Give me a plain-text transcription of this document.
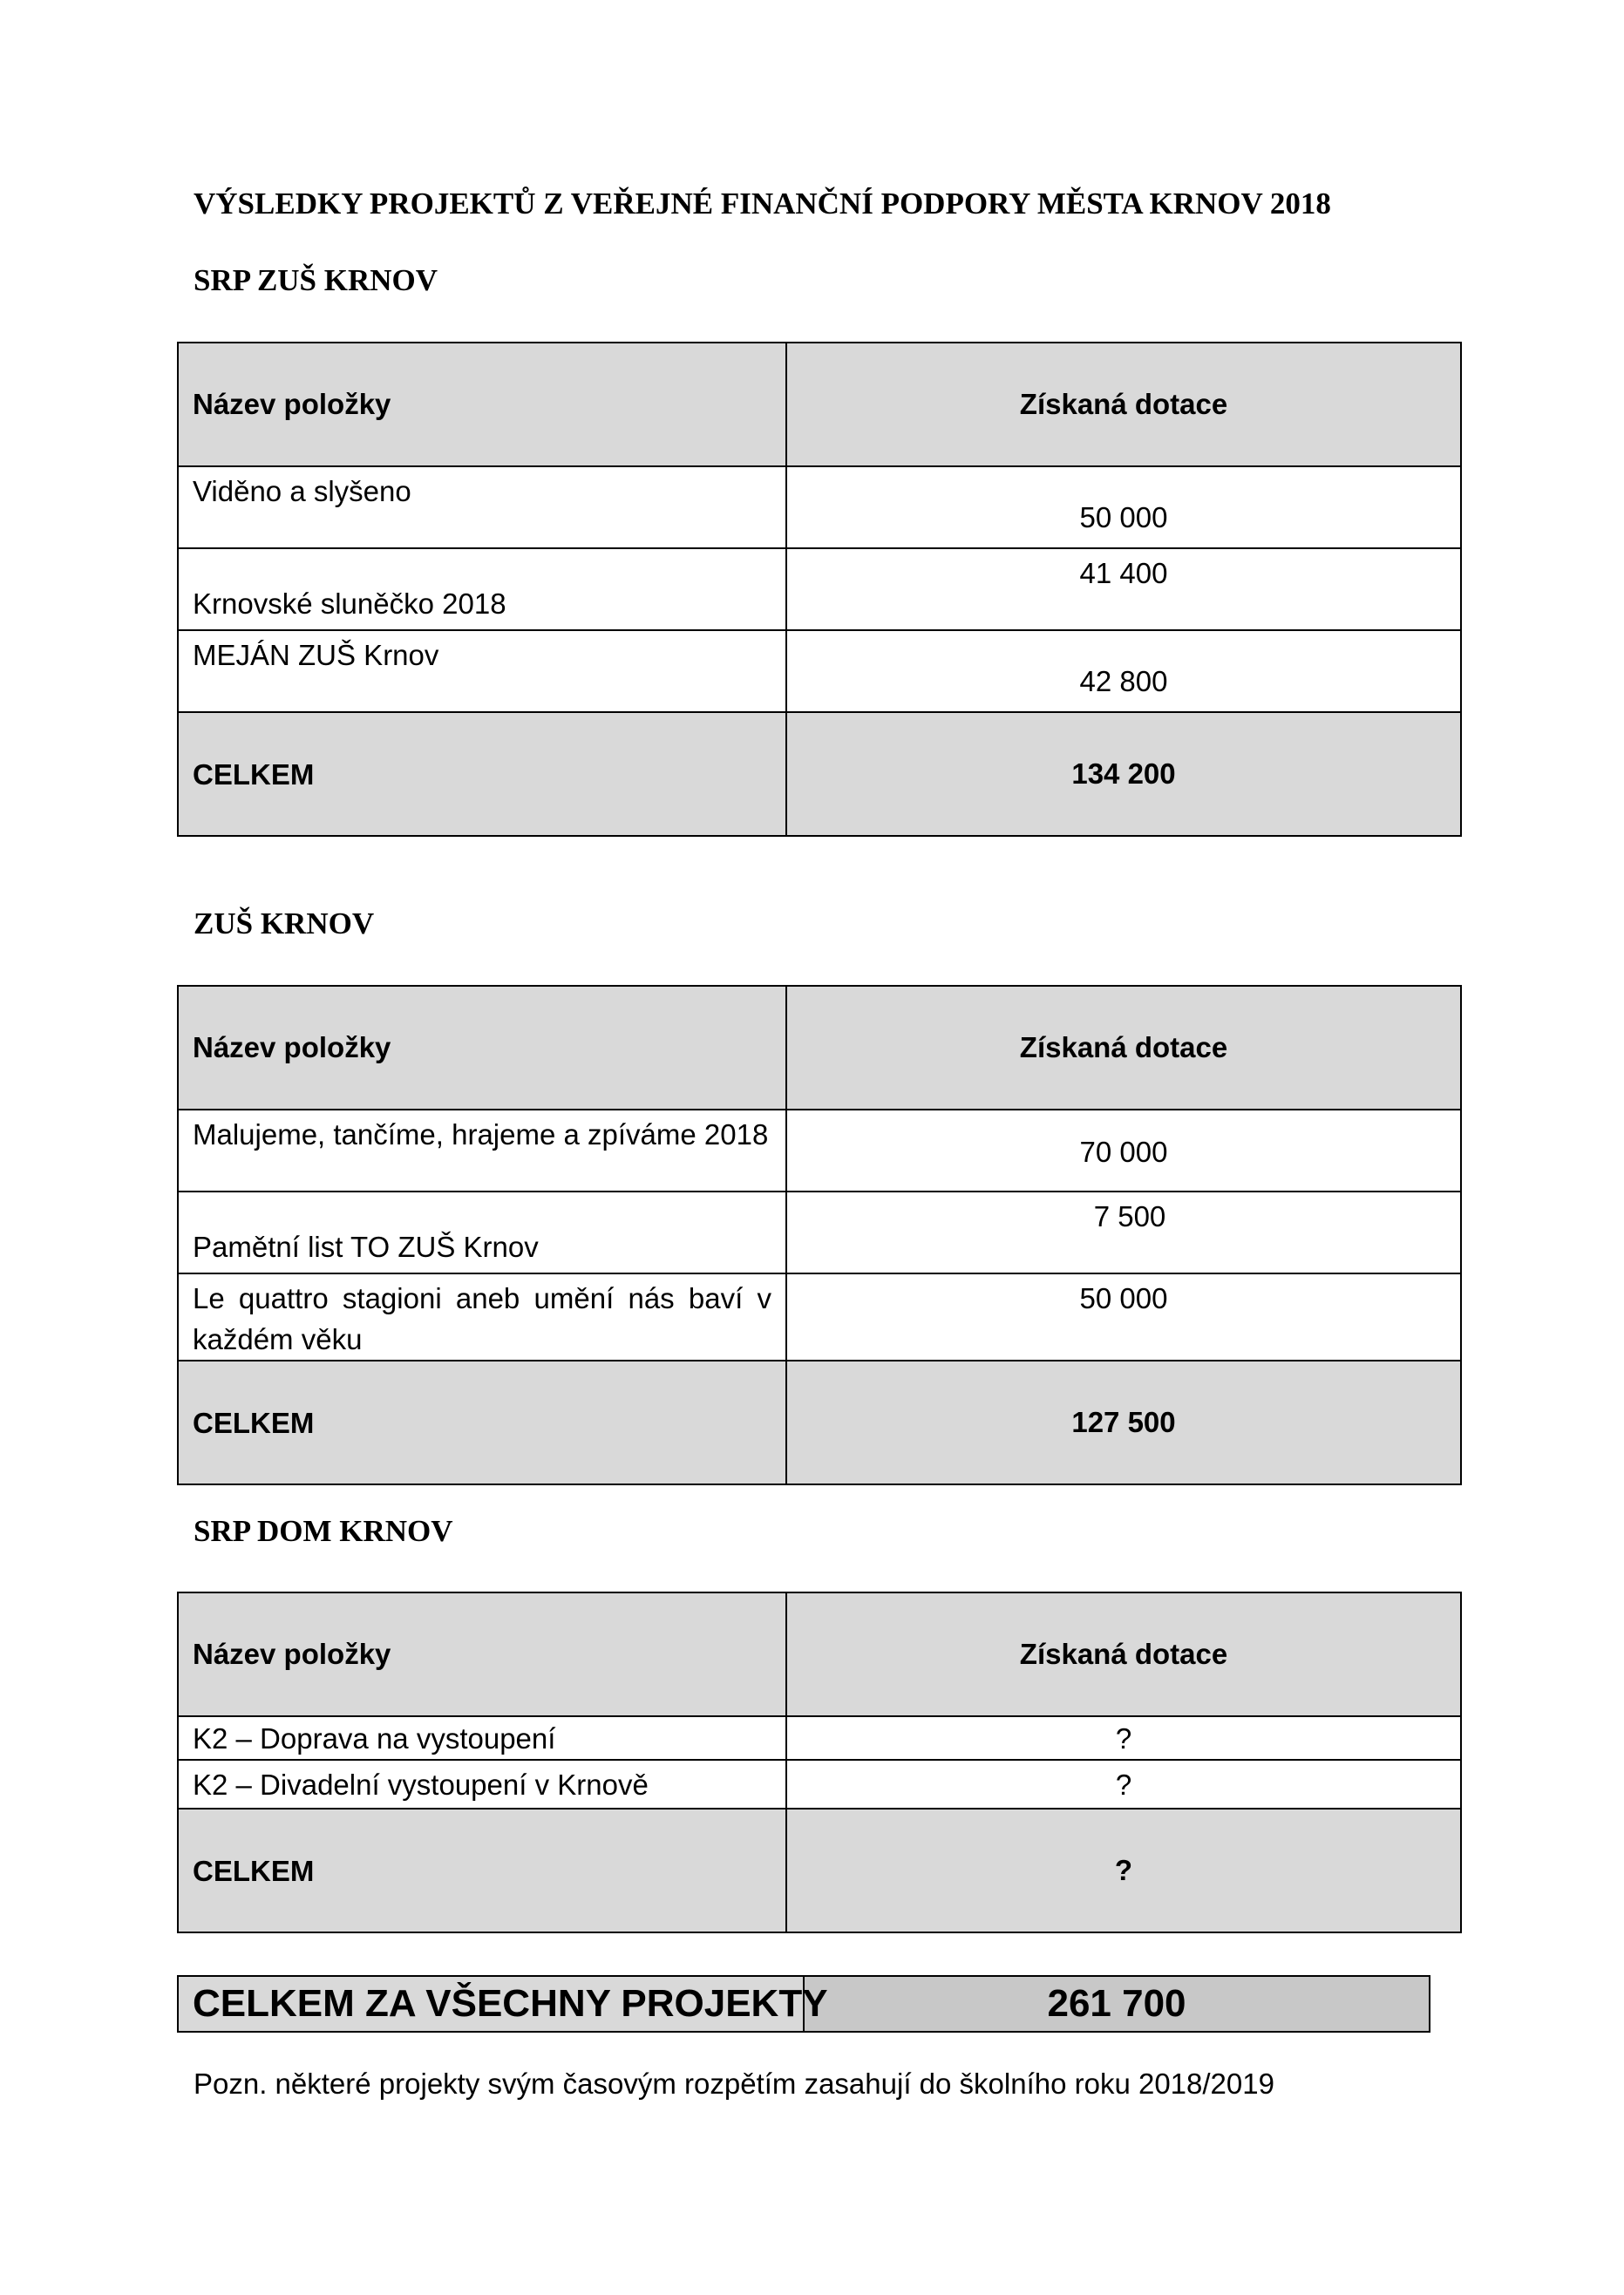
VÝSLEDKY PROJEKTŮ Z VEŘEJNÉ FINANČNÍ PODPORY MĚSTA KRNOV 2018
SRP ZUŠ KRNOV
Název položky	Získaná dotace
Viděno a slyšeno	50 000
Krnovské sluněčko 2018	41 400
MEJÁN ZUŠ Krnov	42 800
CELKEM	134 200
ZUŠ KRNOV
Název položky	Získaná dotace
Malujeme, tančíme, hrajeme a zpíváme 2018	70 000
Pamětní list TO ZUŠ Krnov	7 500
Le quattro stagioni aneb umění nás baví v každém věku	50 000
CELKEM	127 500
SRP DOM KRNOV
Název položky	Získaná dotace
K2 – Doprava na vystoupení	?
K2 – Divadelní vystoupení v Krnově	?
CELKEM	?
CELKEM ZA VŠECHNY PROJEKTY	261 700

Pozn. některé projekty svým časovým rozpětím zasahují do školního roku 2018/2019
